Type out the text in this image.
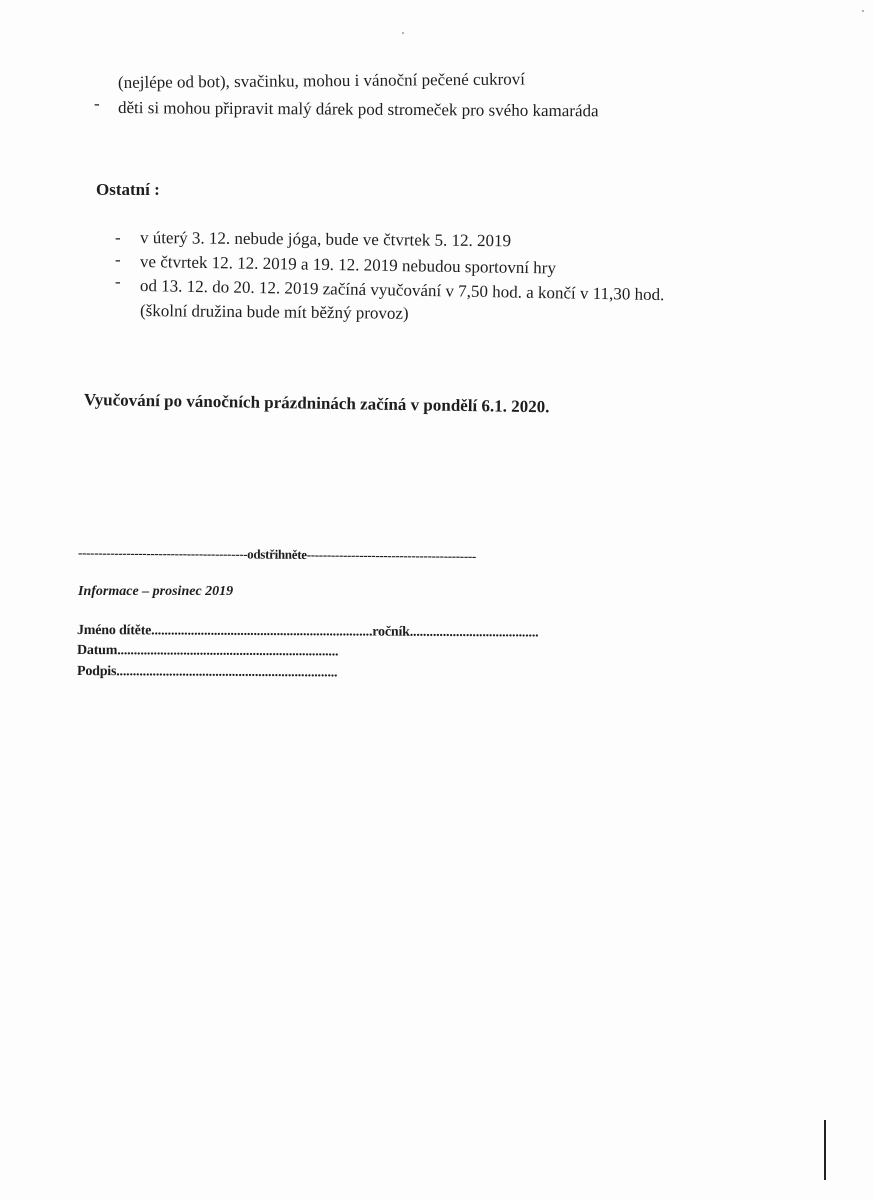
(nejlépe od bot), svačinku, mohou i vánoční pečené cukroví
- děti si mohou připravit malý dárek pod stromeček pro svého kamaráda
Ostatní :
- v úterý 3. 12. nebude jóga, bude ve čtvrtek 5. 12. 2019
- ve čtvrtek 12. 12. 2019 a 19. 12. 2019 nebudou sportovní hry
- od 13. 12. do 20. 12. 2019 začíná vyučování v 7,50 hod. a končí v 11,30 hod.
(školní družina bude mít běžný provoz)
Vyučování po vánočních prázdninách začíná v pondělí 6.1. 2020.
------------------------------------------odstřihněte------------------------------------------
Informace – prosinec 2019
Jméno dítěte...................................................................ročník.......................................
Datum...................................................................
Podpis...................................................................
